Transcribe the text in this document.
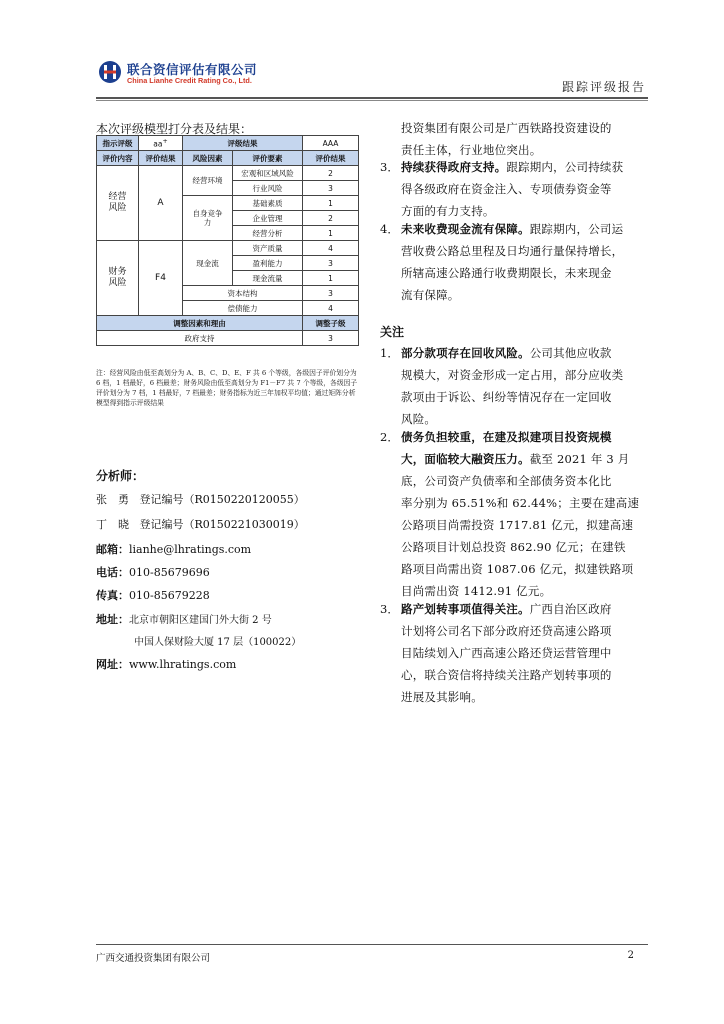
联合资信评估有限公司
China Lianhe Credit Rating Co., Ltd.	跟踪评级报告
本次评级模型打分表及结果：
指示评级	aa+	评级结果		AAA
评价内容	评价结果	风险因素	评价要素	评价结果
经营风险	A	经营环境	宏观和区域风险	2
			行业风险	3
		自身竞争力	基础素质	1
			企业管理	2
			经营分析	1
财务风险	F4	现金流	资产质量	4
			盈利能力	3
			现金流量	1
		资本结构		3
		偿债能力		4
调整因素和理由				调整子级
政府支持				3
注：经营风险由低至高划分为 A、B、C、D、E、F 共 6 个等级，各级因子评价划分为 6 档，1 档最好，6 档最差；财务风险由低至高划分为 F1－F7 共 7 个等级，各级因子评价划分为 7 档，1 档最好，7 档最差；财务指标为近三年加权平均值；通过矩阵分析模型得到指示评级结果
分析师：
张　勇 登记编号（R0150220120055）
丁　晓 登记编号（R0150221030019）
邮箱：lianhe@lhratings.com
电话：010-85679696
传真：010-85679228
地址：北京市朝阳区建国门外大街 2 号
中国人保财险大厦 17 层（100022）
网址：www.lhratings.com
投资集团有限公司是广西铁路投资建设的
责任主体，行业地位突出。
3． 持续获得政府支持。跟踪期内，公司持续获
得各级政府在资金注入、专项债券资金等
方面的有力支持。
4． 未来收费现金流有保障。跟踪期内，公司运
营收费公路总里程及日均通行量保持增长，
所辖高速公路通行收费期限长，未来现金
流有保障。
关注
1． 部分款项存在回收风险。公司其他应收款
规模大，对资金形成一定占用，部分应收类
款项由于诉讼、纠纷等情况存在一定回收
风险。
2． 债务负担较重，在建及拟建项目投资规模
大，面临较大融资压力。截至 2021 年 3 月
底，公司资产负债率和全部债务资本化比
率分别为 65.51%和 62.44%；主要在建高速
公路项目尚需投资 1717.81 亿元，拟建高速
公路项目计划总投资 862.90 亿元；在建铁
路项目尚需出资 1087.06 亿元，拟建铁路项
目尚需出资 1412.91 亿元。
3． 路产划转事项值得关注。广西自治区政府
计划将公司名下部分政府还贷高速公路项
目陆续划入广西高速公路还贷运营管理中
心，联合资信将持续关注路产划转事项的
进展及其影响。
广西交通投资集团有限公司	2
